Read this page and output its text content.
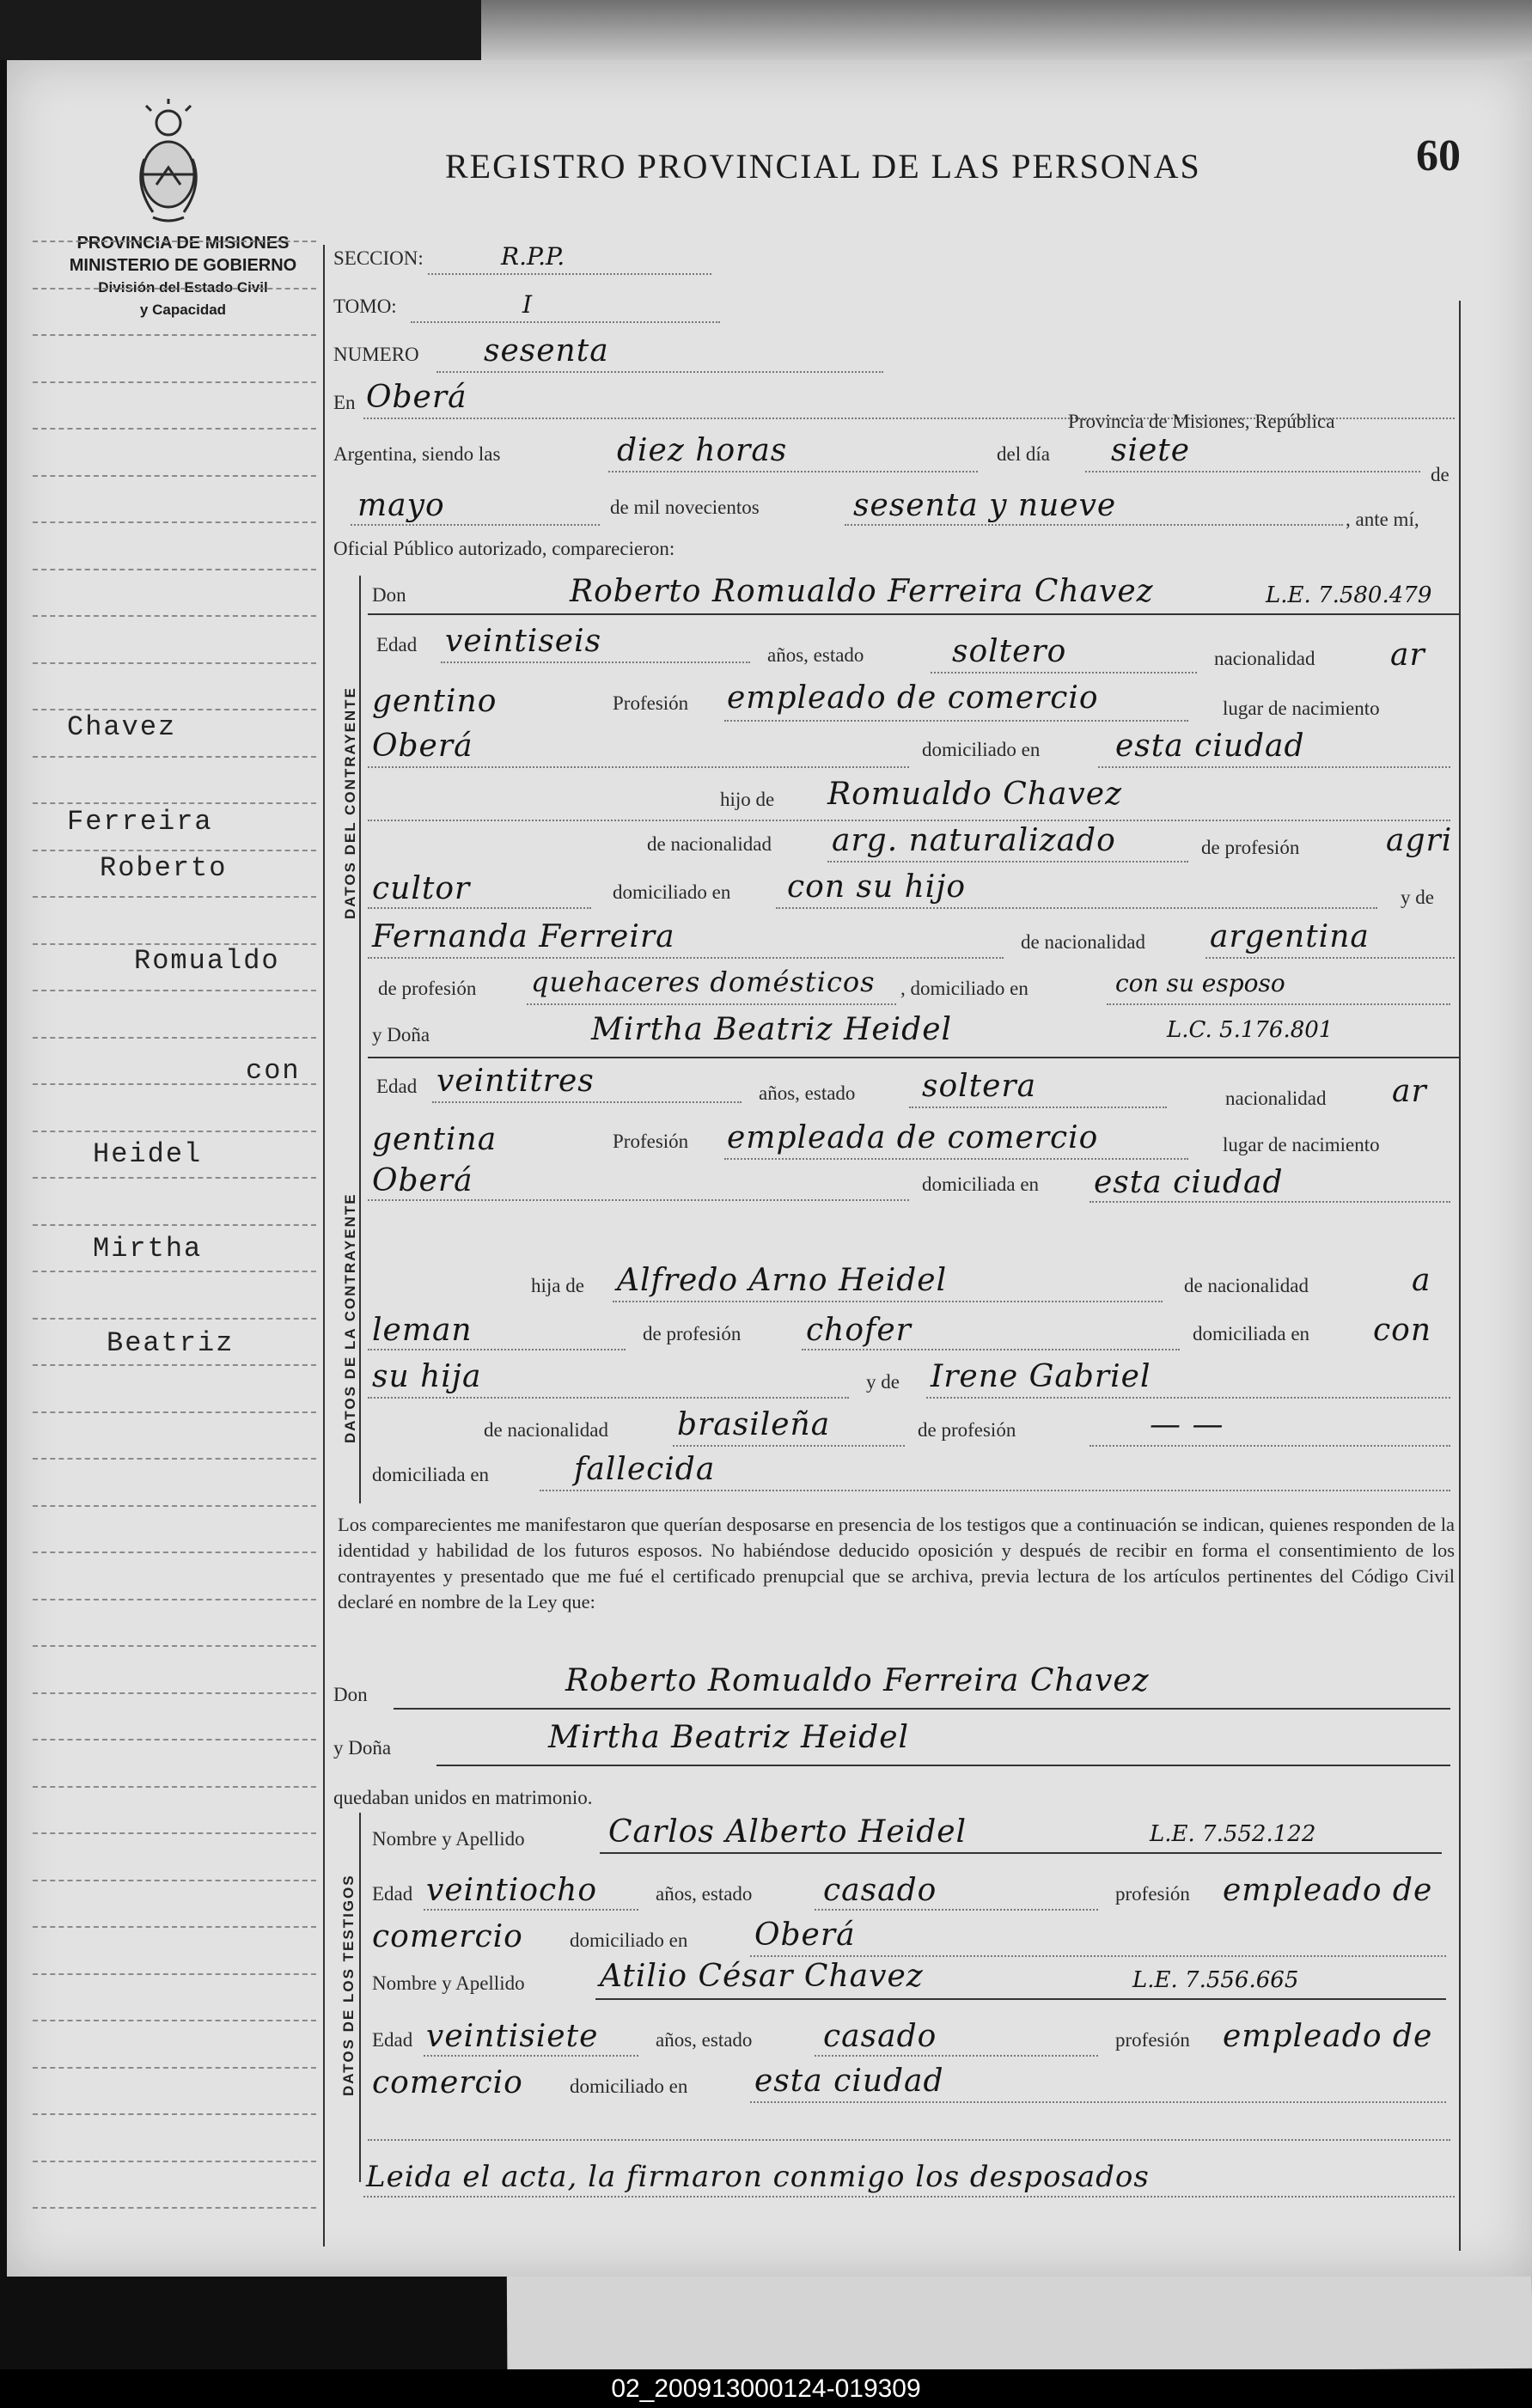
PROVINCIA DE MISIONES
MINISTERIO DE GOBIERNO
División del Estado Civil
y Capacidad
REGISTRO PROVINCIAL DE LAS PERSONAS	60
Chavez
Ferreira
Roberto
Romualdo
con
Heidel
Mirtha
Beatriz
SECCION:	R.P.P.
TOMO:	I
NUMERO sesenta
En Oberá
Provincia de Misiones, República
Argentina, siendo las	diez horas	del día siete
de
mayo	de mil novecientos	sesenta y nueve	, ante mí,
Oficial Público autorizado, comparecieron:
DATOS DEL CONTRAYENTE
Don	Roberto Romualdo Ferreira Chavez	L.E. 7.580.479
Edad veintiseis	años, estado	soltero	nacionalidad ar
gentino	Profesión empleado de comercio	lugar de nacimiento
Oberá	domiciliado en esta ciudad
hijo de Romualdo Chavez
de nacionalidad arg. naturalizado	de profesión	agri
cultor	domiciliado en con su hijo	y de
Fernanda Ferreira	de nacionalidad argentina
de profesión quehaceres domésticos , domiciliado en	con su esposo
DATOS DE LA CONTRAYENTE
y Doña	Mirtha Beatriz Heidel	L.C. 5.176.801
Edad veintitres	años, estado soltera	nacionalidad ar
gentina	Profesión empleada de comercio	lugar de nacimiento
Oberá	domiciliada en esta ciudad
hija de Alfredo Arno Heidel	de nacionalidad	a
leman	de profesión chofer	domiciliada en con
su hija	y de Irene Gabriel
de nacionalidad brasileña	de profesión	— —
domiciliada en	fallecida
Los comparecientes me manifestaron que querían desposarse en presencia de los testigos que a continuación se indican, quienes responden de la identidad y habilidad de los futuros esposos. No habiéndose deducido oposición y después de recibir en forma el consentimiento de los contrayentes y presentado que me fué el certificado prenupcial que se archiva, previa lectura de los artículos pertinentes del Código Civil declaré en nombre de la Ley que:
Don	Roberto Romualdo Ferreira Chavez
y Doña	Mirtha Beatriz Heidel
quedaban unidos en matrimonio.
DATOS DE LOS TESTIGOS
Nombre y Apellido	Carlos Alberto Heidel	L.E. 7.552.122
Edad veintiocho	años, estado casado	profesión empleado de
comercio domiciliado en Oberá
Nombre y Apellido Atilio César Chavez	L.E. 7.556.665
Edad veintisiete	años, estado casado	profesión empleado de
comercio domiciliado en esta ciudad
Leida el acta, la firmaron conmigo los desposados
02_200913000124-019309
